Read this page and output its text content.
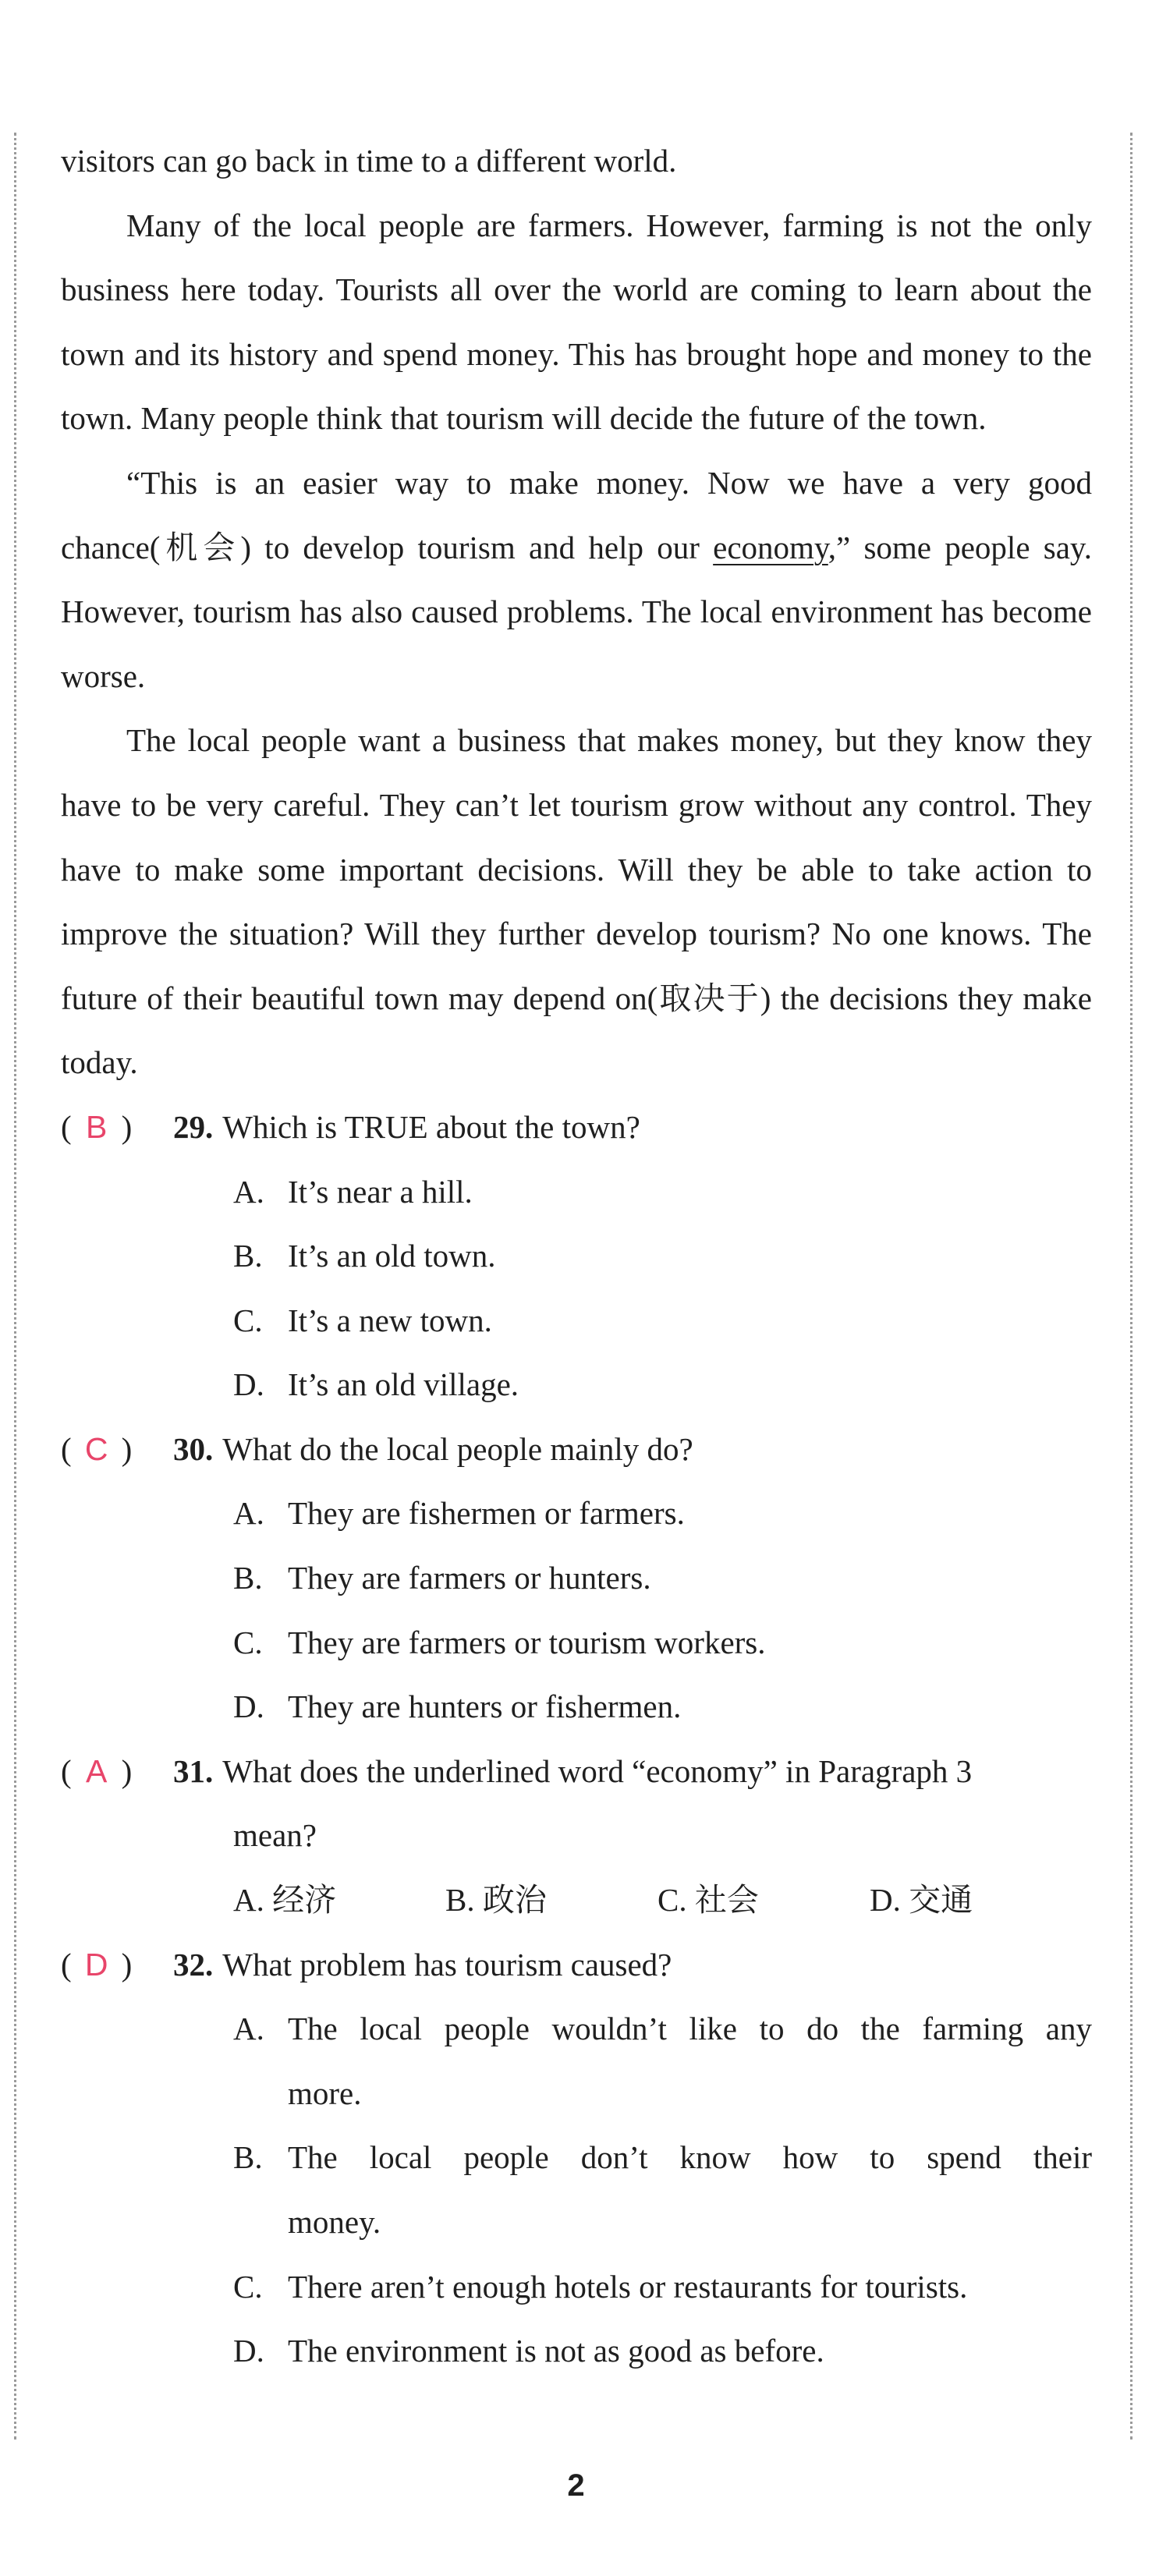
visitors can go back in time to a different world.

Many of the local people are farmers. However, farming is not the only business here today. Tourists all over the world are coming to learn about the town and its history and spend money. This has brought hope and money to the town. Many people think that tourism will decide the future of the town.

“This is an easier way to make money. Now we have a very good chance(机会) to develop tourism and help our economy,” some people say. However, tourism has also caused problems. The local environment has become worse.

The local people want a business that makes money, but they know they have to be very careful. They can’t let tourism grow without any control. They have to make some important decisions. Will they be able to take action to improve the situation? Will they further develop tourism? No one knows. The future of their beautiful town may depend on(取决于) the decisions they make today.

( B )	29. Which is TRUE about the town?
A. It’s near a hill.
B. It’s an old town.
C. It’s a new town.
D. It’s an old village.
( C )	30. What do the local people mainly do?
A. They are fishermen or farmers.
B. They are farmers or hunters.
C. They are farmers or tourism workers.
D. They are hunters or fishermen.
( A )	31. What does the underlined word “economy” in Paragraph 3
mean?
A. 经济	B. 政治	C. 社会	D. 交通
( D )	32. What problem has tourism caused?
A. The local people wouldn’t like to do the farming any
more.
B. The local people don’t know how to spend their
money.
C. There aren’t enough hotels or restaurants for tourists.
D. The environment is not as good as before.
2
